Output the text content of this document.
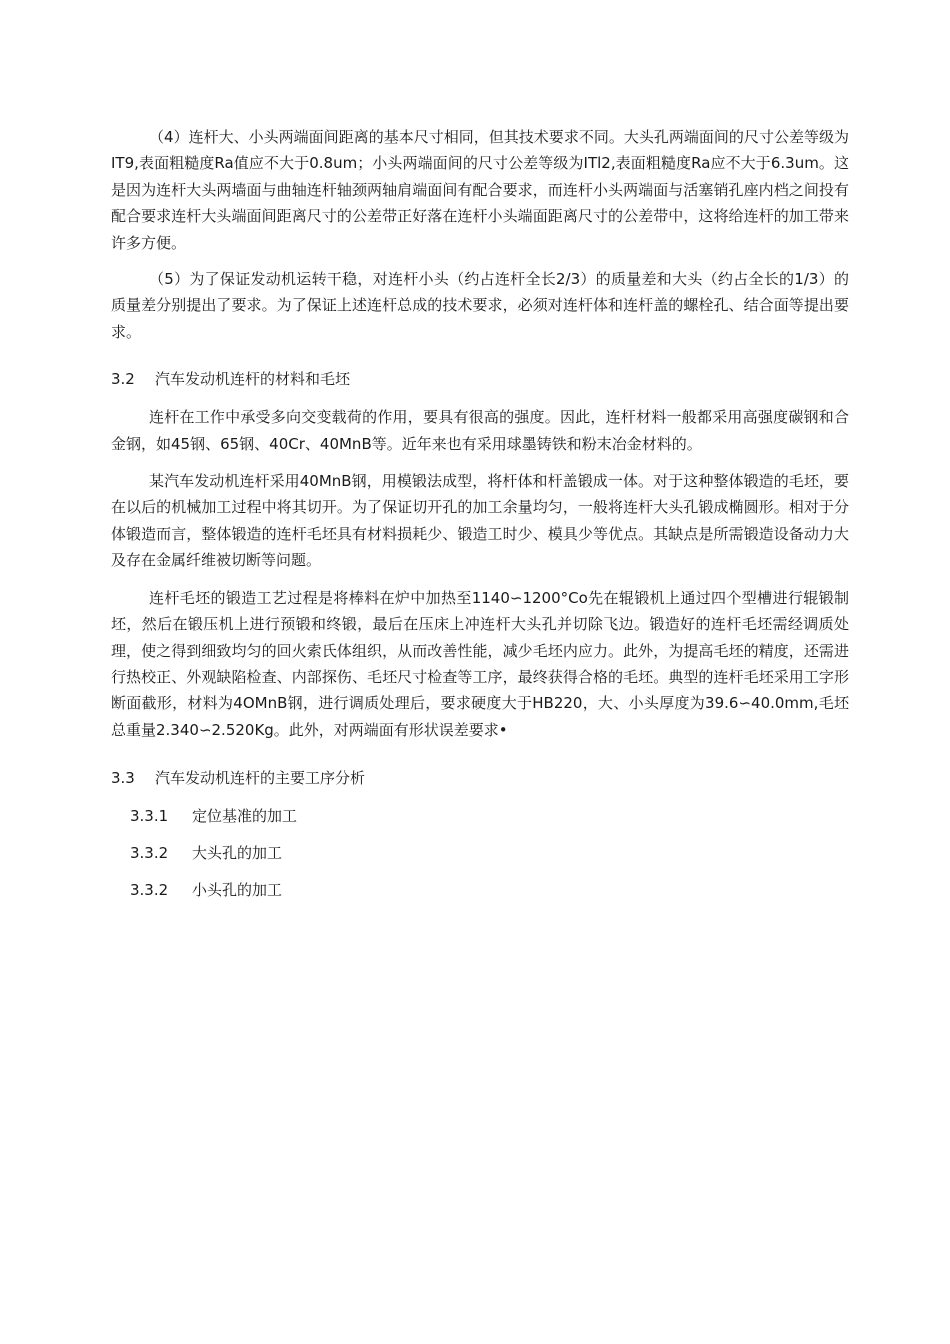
（4）连杆大、小头两端面间距离的基本尺寸相同，但其技术要求不同。大头孔两端面间的尺寸公差等级为IT9,表面粗糙度Ra值应不大于0.8um；小头两端面间的尺寸公差等级为ITl2,表面粗糙度Ra应不大于6.3um。这是因为连杆大头两墙面与曲轴连杆轴颈两轴肩端面间有配合要求，而连杆小头两端面与活塞销孔座内档之间投有配合要求连杆大头端面间距离尺寸的公差带正好落在连杆小头端面距离尺寸的公差带中，这将给连杆的加工带来许多方便。

（5）为了保证发动机运转干稳，对连杆小头（约占连杆全长2/3）的质量差和大头（约占全长的1/3）的质量差分别提出了要求。为了保证上述连杆总成的技术要求，必须对连杆体和连杆盖的螺栓孔、结合面等提出要求。

3.2 汽车发动机连杆的材料和毛坯

连杆在工作中承受多向交变载荷的作用，要具有很高的强度。因此，连杆材料一般都采用高强度碳钢和合金钢，如45钢、65钢、40Cr、40MnB等。近年来也有采用球墨铸铁和粉末冶金材料的。

某汽车发动机连杆采用40MnB钢，用模锻法成型，将杆体和杆盖锻成一体。对于这种整体锻造的毛坯，要在以后的机械加工过程中将其切开。为了保证切开孔的加工余量均匀，一般将连杆大头孔锻成椭圆形。相对于分体锻造而言，整体锻造的连杆毛坯具有材料损耗少、锻造工时少、模具少等优点。其缺点是所需锻造设备动力大及存在金属纤维被切断等问题。

连杆毛坯的锻造工艺过程是将棒料在炉中加热至1140∽1200°Co先在辊锻机上通过四个型槽进行辊锻制坯，然后在锻压机上进行预锻和终锻，最后在压床上冲连杆大头孔并切除飞边。锻造好的连杆毛坯需经调质处理，使之得到细致均匀的回火索氏体组织，从而改善性能，减少毛坯内应力。此外，为提高毛坯的精度，还需进行热校正、外观缺陷检查、内部探伤、毛坯尺寸检查等工序，最终获得合格的毛坯。典型的连杆毛坯采用工字形断面截形，材料为4OMnB钢，进行调质处理后，要求硬度大于HB220，大、小头厚度为39.6∽40.0mm,毛坯总重量2.340∽2.520Kg。此外，对两端面有形状误差要求•

3.3 汽车发动机连杆的主要工序分析

3.3.1 定位基准的加工

3.3.2 大头孔的加工

3.3.2 小头孔的加工
